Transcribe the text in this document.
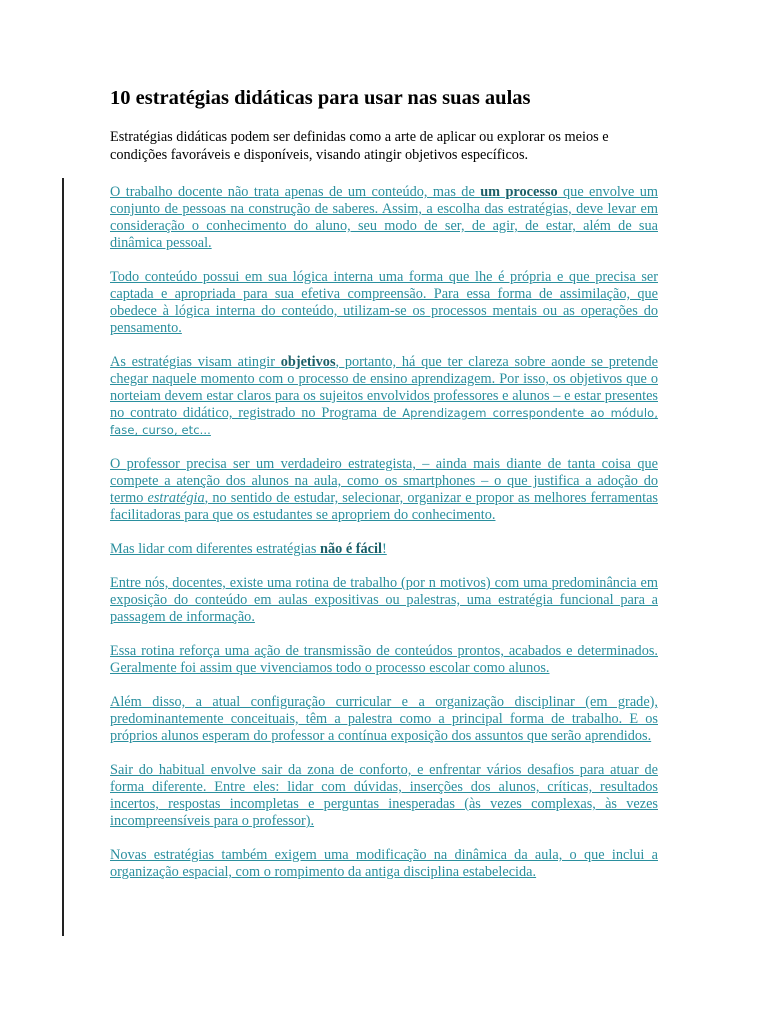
10 estratégias didáticas para usar nas suas aulas

Estratégias didáticas podem ser definidas como a arte de aplicar ou explorar os meios e condições favoráveis e disponíveis, visando atingir objetivos específicos.

O trabalho docente não trata apenas de um conteúdo, mas de um processo que envolve um conjunto de pessoas na construção de saberes. Assim, a escolha das estratégias, deve levar em consideração o conhecimento do aluno, seu modo de ser, de agir, de estar, além de sua dinâmica pessoal.

Todo conteúdo possui em sua lógica interna uma forma que lhe é própria e que precisa ser captada e apropriada para sua efetiva compreensão. Para essa forma de assimilação, que obedece à lógica interna do conteúdo, utilizam-se os processos mentais ou as operações do pensamento.

As estratégias visam atingir objetivos, portanto, há que ter clareza sobre aonde se pretende chegar naquele momento com o processo de ensino aprendizagem. Por isso, os objetivos que o norteiam devem estar claros para os sujeitos envolvidos professores e alunos – e estar presentes no contrato didático, registrado no Programa de Aprendizagem correspondente ao módulo, fase, curso, etc...

O professor precisa ser um verdadeiro estrategista, – ainda mais diante de tanta coisa que compete a atenção dos alunos na aula, como os smartphones – o que justifica a adoção do termo estratégia, no sentido de estudar, selecionar, organizar e propor as melhores ferramentas facilitadoras para que os estudantes se apropriem do conhecimento.

Mas lidar com diferentes estratégias não é fácil!

Entre nós, docentes, existe uma rotina de trabalho (por n motivos) com uma predominância em exposição do conteúdo em aulas expositivas ou palestras, uma estratégia funcional para a passagem de informação.

Essa rotina reforça uma ação de transmissão de conteúdos prontos, acabados e determinados. Geralmente foi assim que vivenciamos todo o processo escolar como alunos.

Além disso, a atual configuração curricular e a organização disciplinar (em grade), predominantemente conceituais, têm a palestra como a principal forma de trabalho. E os próprios alunos esperam do professor a contínua exposição dos assuntos que serão aprendidos.

Sair do habitual envolve sair da zona de conforto, e enfrentar vários desafios para atuar de forma diferente. Entre eles: lidar com dúvidas, inserções dos alunos, críticas, resultados incertos, respostas incompletas e perguntas inesperadas (às vezes complexas, às vezes incompreensíveis para o professor).

Novas estratégias também exigem uma modificação na dinâmica da aula, o que inclui a organização espacial, com o rompimento da antiga disciplina estabelecida.
